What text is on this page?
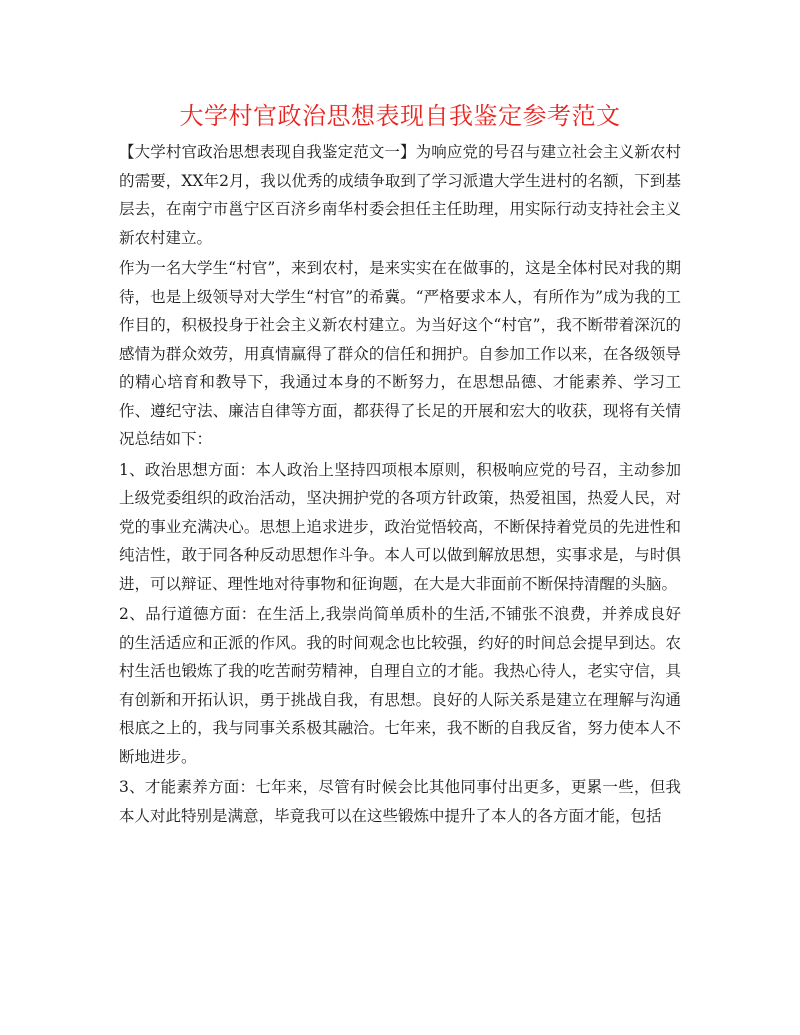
大学村官政治思想表现自我鉴定参考范文

【大学村官政治思想表现自我鉴定范文一】为响应党的号召与建立社会主义新农村的需要，XX年2月，我以优秀的成绩争取到了学习派遣大学生进村的名额，下到基层去，在南宁市邕宁区百济乡南华村委会担任主任助理，用实际行动支持社会主义新农村建立。

作为一名大学生“村官”，来到农村，是来实实在在做事的，这是全体村民对我的期待，也是上级领导对大学生“村官”的希冀。“严格要求本人，有所作为”成为我的工作目的，积极投身于社会主义新农村建立。为当好这个“村官”，我不断带着深沉的感情为群众效劳，用真情赢得了群众的信任和拥护。自参加工作以来，在各级领导的精心培育和教导下，我通过本身的不断努力，在思想品德、才能素养、学习工作、遵纪守法、廉洁自律等方面，都获得了长足的开展和宏大的收获，现将有关情况总结如下：

1、政治思想方面：本人政治上坚持四项根本原则，积极响应党的号召，主动参加上级党委组织的政治活动，坚决拥护党的各项方针政策，热爱祖国，热爱人民，对党的事业充满决心。思想上追求进步，政治觉悟较高，不断保持着党员的先进性和纯洁性，敢于同各种反动思想作斗争。本人可以做到解放思想，实事求是，与时俱进，可以辩证、理性地对待事物和征询题，在大是大非面前不断保持清醒的头脑。

2、品行道德方面：在生活上,我崇尚简单质朴的生活,不铺张不浪费，并养成良好的生活适应和正派的作风。我的时间观念也比较强，约好的时间总会提早到达。农村生活也锻炼了我的吃苦耐劳精神，自理自立的才能。我热心待人，老实守信，具有创新和开拓认识，勇于挑战自我，有思想。良好的人际关系是建立在理解与沟通根底之上的，我与同事关系极其融洽。七年来，我不断的自我反省，努力使本人不断地进步。

3、才能素养方面：七年来，尽管有时候会比其他同事付出更多，更累一些，但我本人对此特别是满意，毕竟我可以在这些锻炼中提升了本人的各方面才能，包括
